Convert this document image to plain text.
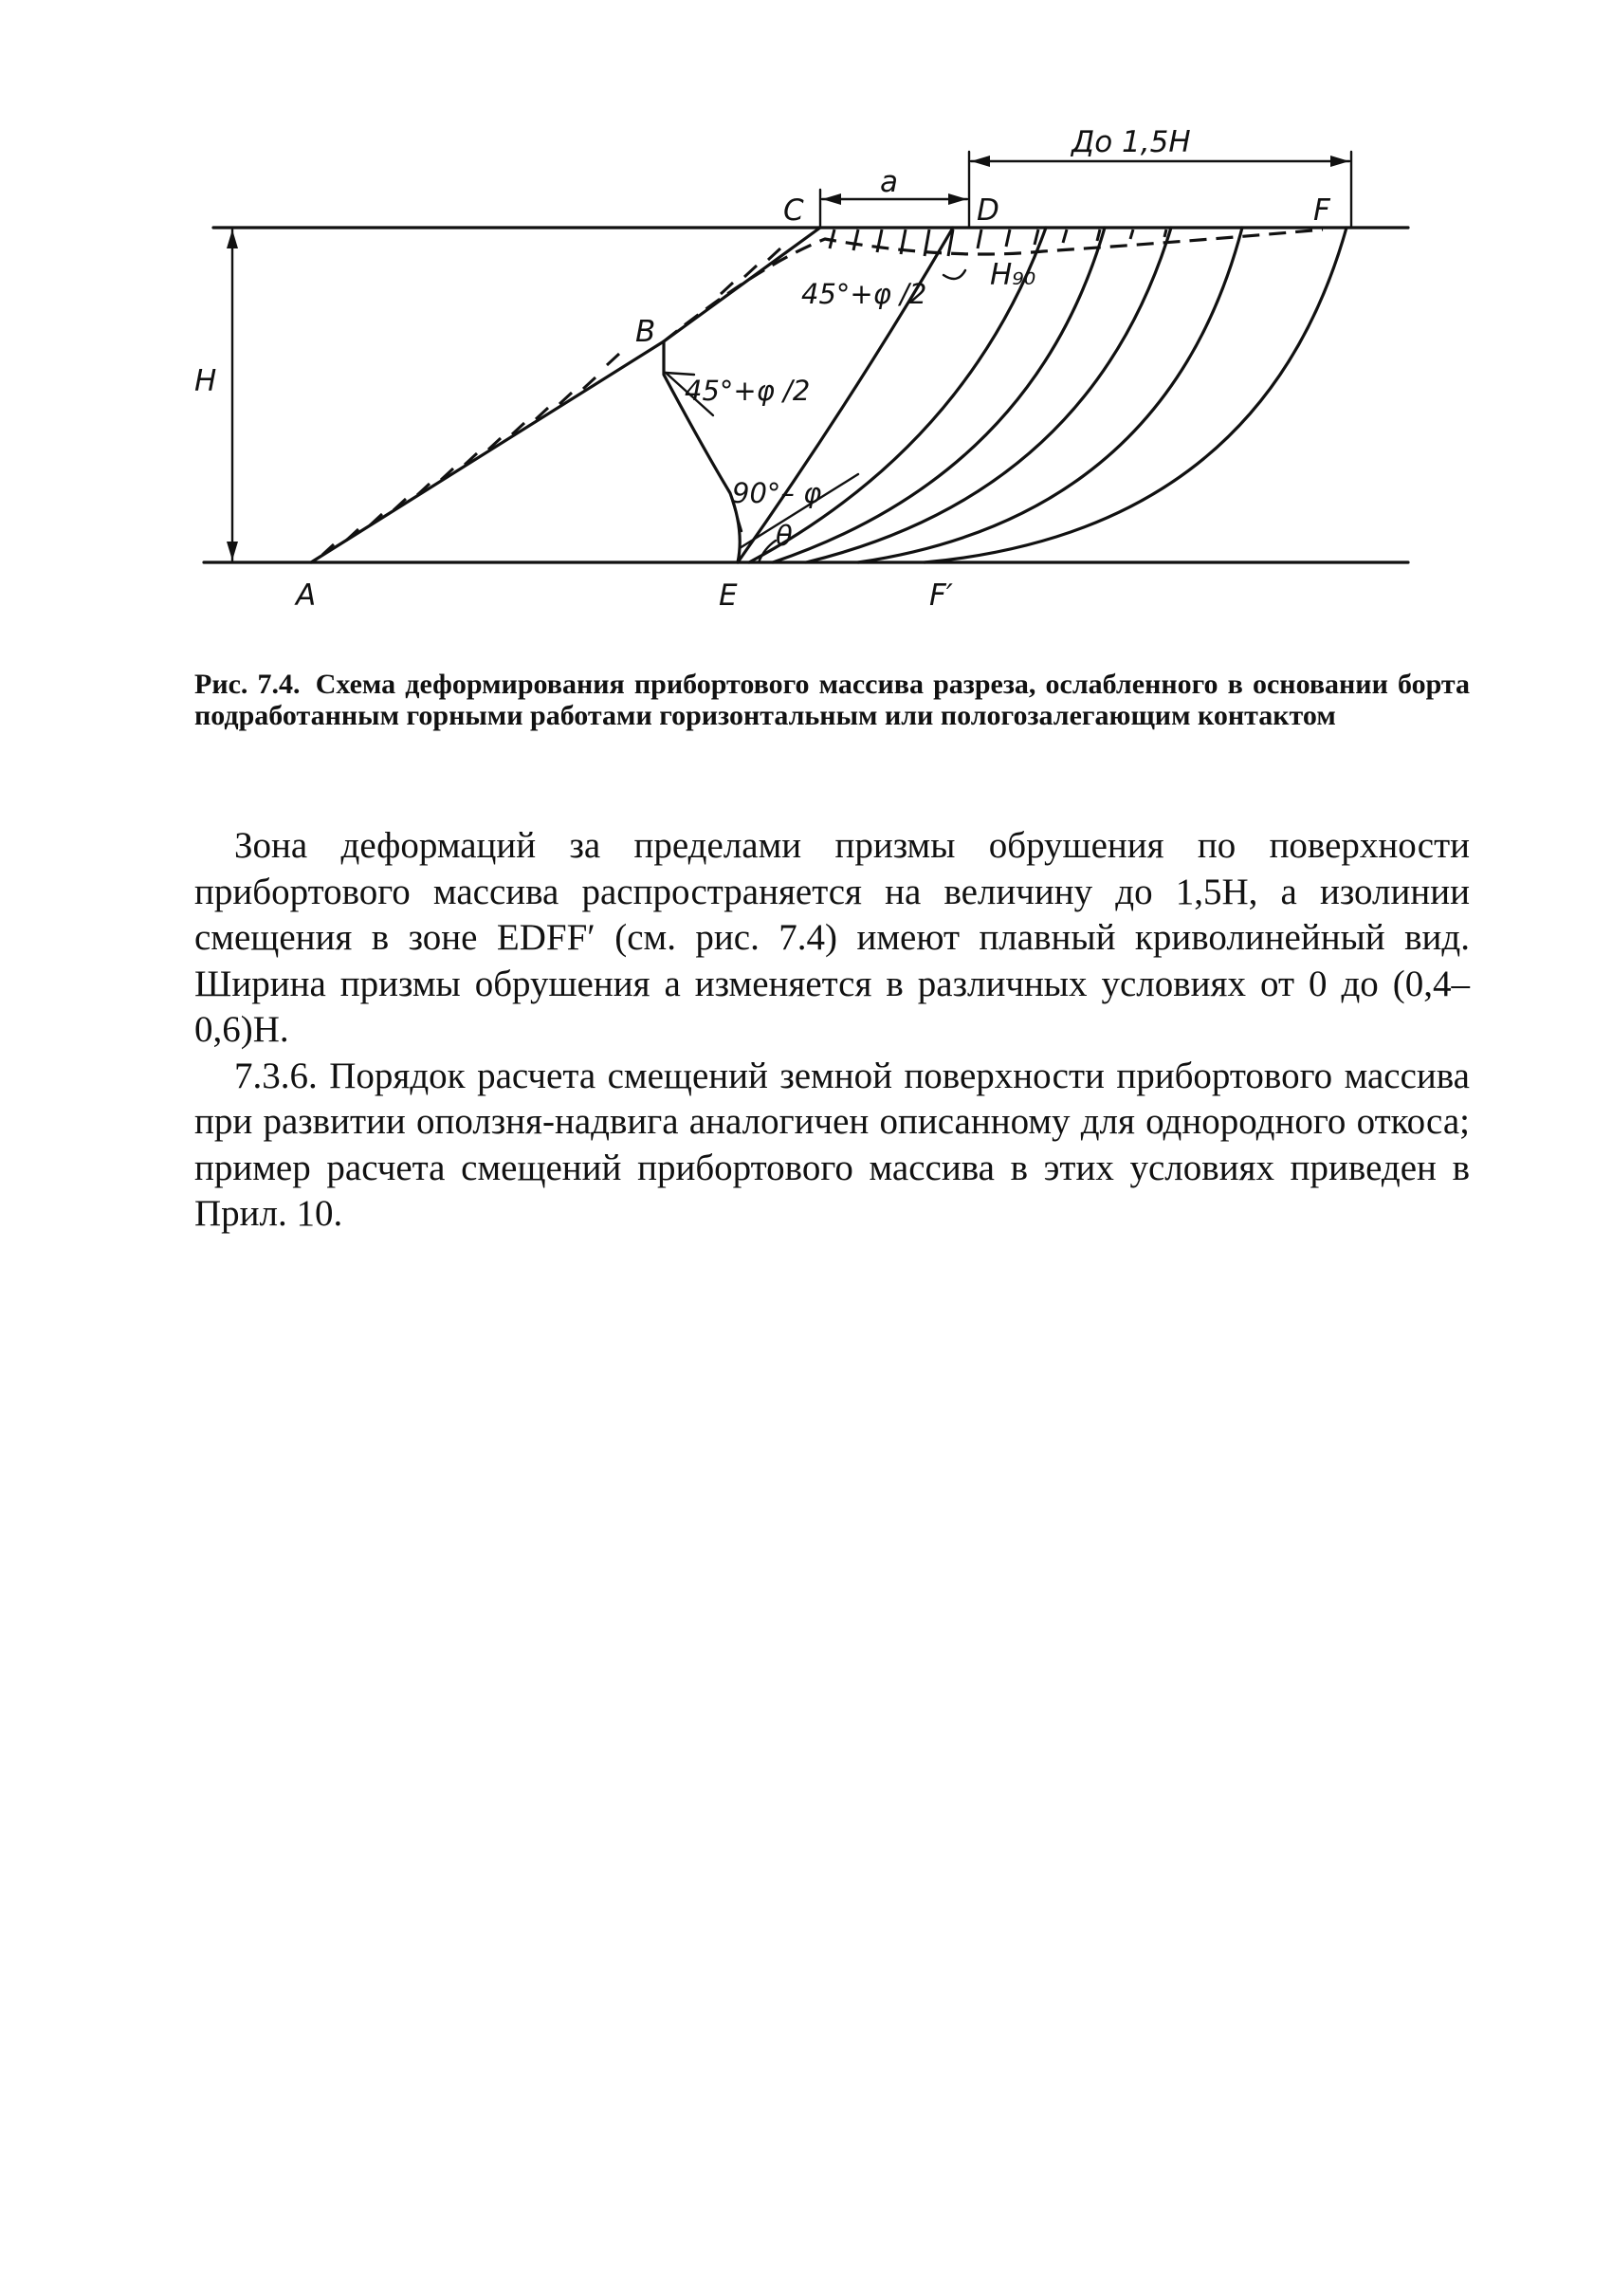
A
B
C	D
E
F
F′
H
a
До 1,5H
H₉₀
45°+φ /2
45°+φ /2
90°– φ
θ

Рис. 7.4. Схема деформирования прибортового массива разреза, ослабленного в основании борта подработанным горными работами горизонтальным или пологозалегающим контактом

Зона деформаций за пределами призмы обрушения по поверхности прибортового массива распространяется на величину до 1,5H, а изолинии смещения в зоне EDFF′ (см. рис. 7.4) имеют плавный криволинейный вид. Ширина призмы обрушения a изменяется в различных условиях от 0 до (0,4–0,6)H.

7.3.6. Порядок расчета смещений земной поверхности прибортового массива при развитии оползня-надвига аналогичен описанному для однородного откоса; пример расчета смещений прибортового массива в этих условиях приведен в Прил. 10.
